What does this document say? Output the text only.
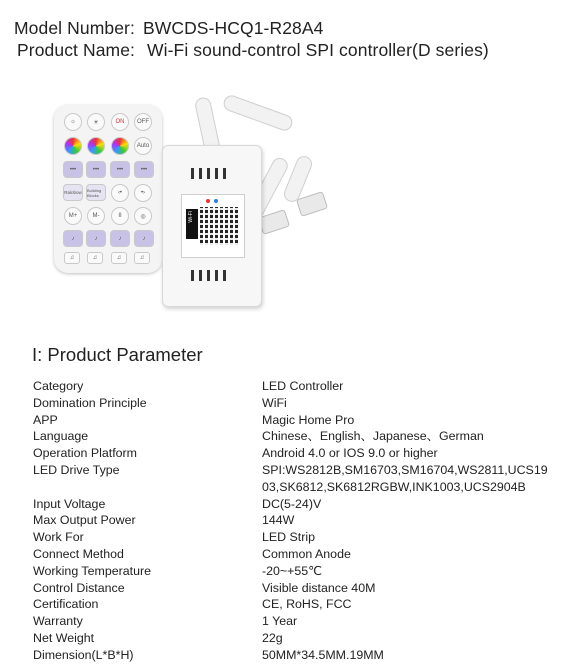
Model Number: BWCDS-HCQ1-R28A4
Product Name: Wi-Fi sound-control SPI controller(D series)
☼	☀	ON	OFF
Auto
•••	•••	•••	•••
Rainbow	Building Blocks	‹•	•›
M+	M-	II	◎
♪	♪	♪	♪
♫	♫	♫	♫
Wi-Fi
I: Product Parameter
Category	LED Controller
Domination Principle	WiFi
APP	Magic Home Pro
Language	Chinese、English、Japanese、German
Operation Platform	Android 4.0 or IOS 9.0 or higher
LED Drive Type	SPI:WS2812B,SM16703,SM16704,WS2811,UCS1903,SK6812,SK6812RGBW,INK1003,UCS2904B
Input Voltage	DC(5-24)V
Max Output Power	144W
Work For	LED Strip
Connect Method	Common Anode
Working Temperature	-20~+55℃
Control Distance	Visible distance 40M
Certification	CE, RoHS, FCC
Warranty	1 Year
Net Weight	22g
Dimension(L*B*H)	50MM*34.5MM.19MM
